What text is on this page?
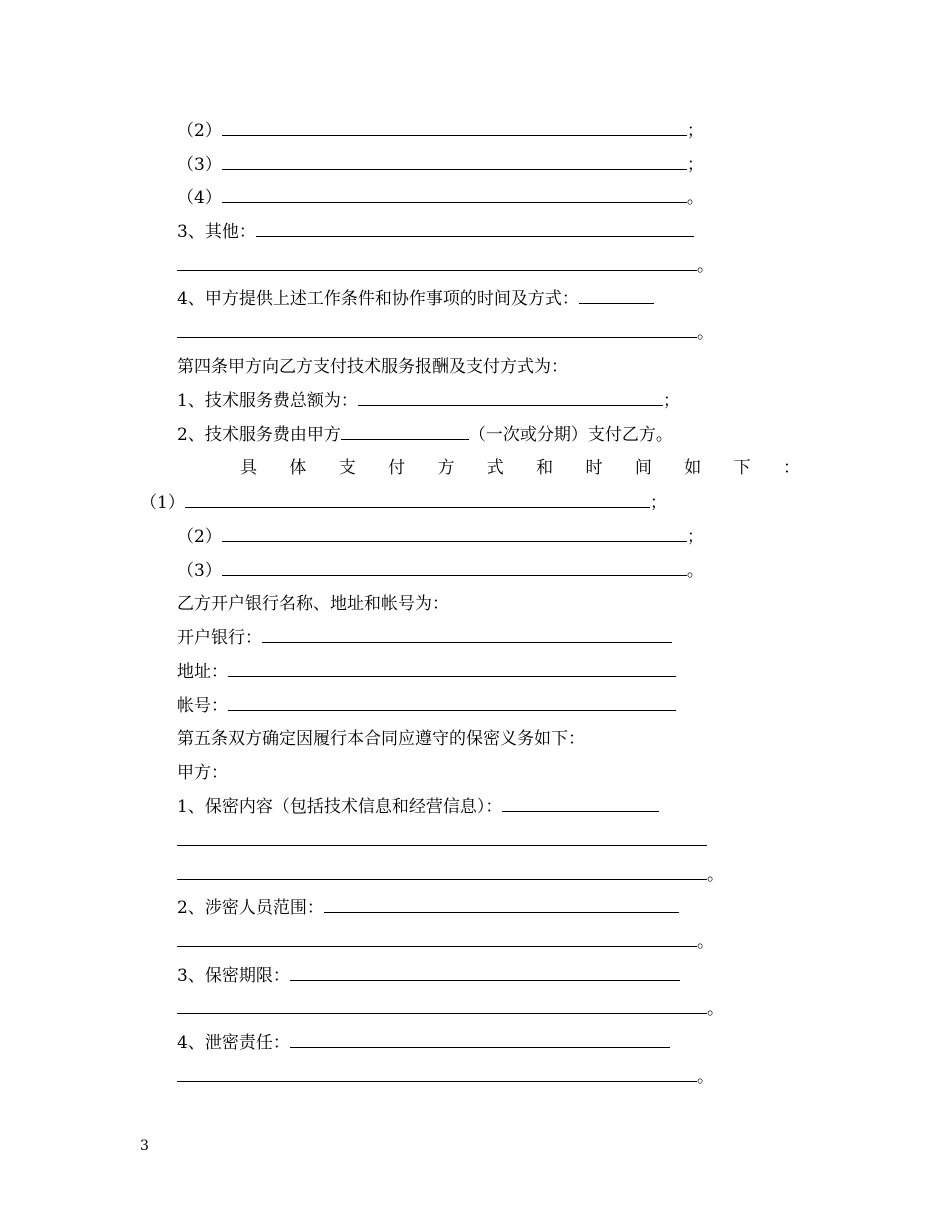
（2）	；
（3）	；
（4）	。
3、其他：
。
4、甲方提供上述工作条件和协作事项的时间及方式：
。
第四条甲方向乙方支付技术服务报酬及支付方式为：
1、技术服务费总额为：	；
2、技术服务费由甲方	（一次或分期）支付乙方。
具 体 支 付 方 式 和 时 间 如 下 ：
（1）	；
（2）	；
（3）	。
乙方开户银行名称、地址和帐号为：
开户银行：
地址：
帐号：
第五条双方确定因履行本合同应遵守的保密义务如下：
甲方：
1、保密内容（包括技术信息和经营信息）：
。
2、涉密人员范围：
。
3、保密期限：
。
4、泄密责任：
。
3
